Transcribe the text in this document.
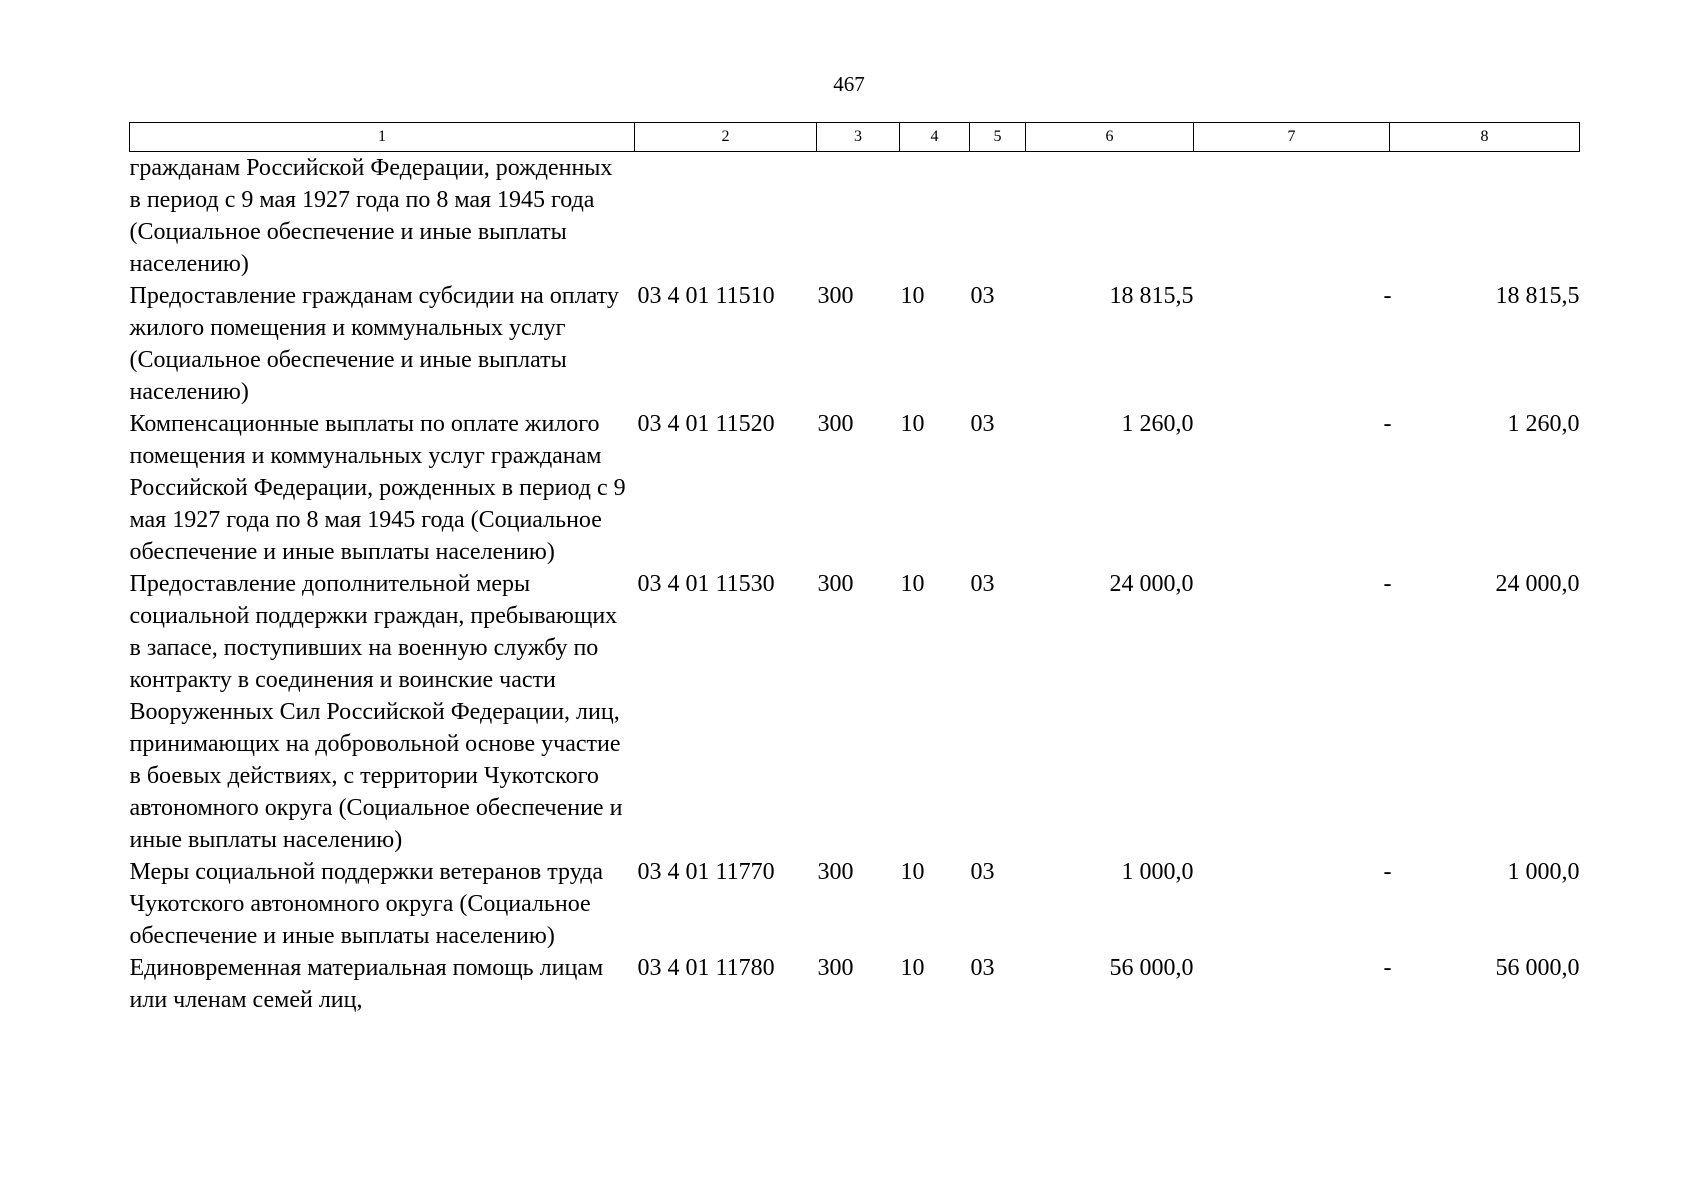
467
1	2	3	4	5	6	7	8
гражданам Российской Федерации, рожденных в период с 9 мая 1927 года по 8 мая 1945 года (Социальное обеспечение и иные выплаты населению)							
Предоставление гражданам субсидии на оплату жилого помещения и коммунальных услуг (Социальное обеспечение и иные выплаты населению)	03 4 01 11510	300	10	03	18 815,5	-	18 815,5
Компенсационные выплаты по оплате жилого помещения и коммунальных услуг гражданам Российской Федерации, рожденных в период с 9 мая 1927 года по 8 мая 1945 года (Социальное обеспечение и иные выплаты населению)	03 4 01 11520	300	10	03	1 260,0	-	1 260,0
Предоставление дополнительной меры социальной поддержки граждан, пребывающих в запасе, поступивших на военную службу по контракту в соединения и воинские части Вооруженных Сил Российской Федерации, лиц, принимающих на добровольной основе участие в боевых действиях, с территории Чукотского автономного округа (Социальное обеспечение и иные выплаты населению)	03 4 01 11530	300	10	03	24 000,0	-	24 000,0
Меры социальной поддержки ветеранов труда Чукотского автономного округа (Социальное обеспечение и иные выплаты населению)	03 4 01 11770	300	10	03	1 000,0	-	1 000,0
Единовременная материальная помощь лицам или членам семей лиц,	03 4 01 11780	300	10	03	56 000,0	-	56 000,0
